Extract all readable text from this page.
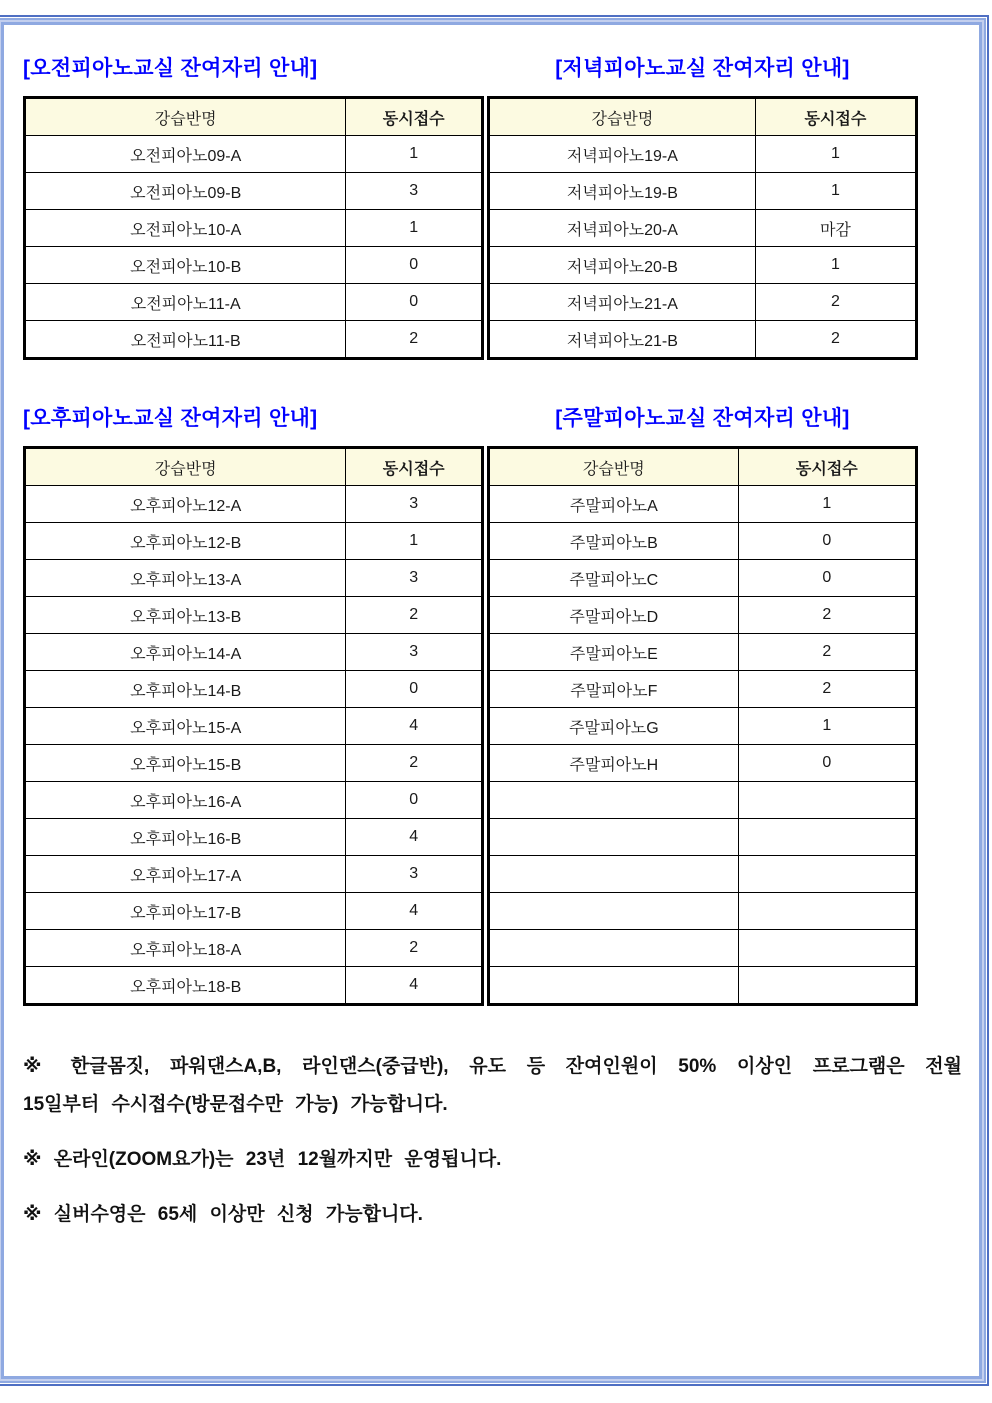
[오전피아노교실 잔여자리 안내]	[저녁피아노교실 잔여자리 안내]
강습반명	동시접수
오전피아노09-A	1
오전피아노09-B	3
오전피아노10-A	1
오전피아노10-B	0
오전피아노11-A	0
오전피아노11-B	2
강습반명	동시접수
저녁피아노19-A	1
저녁피아노19-B	1
저녁피아노20-A	마감
저녁피아노20-B	1
저녁피아노21-A	2
저녁피아노21-B	2
[오후피아노교실 잔여자리 안내]	[주말피아노교실 잔여자리 안내]
강습반명	동시접수
오후피아노12-A	3
오후피아노12-B	1
오후피아노13-A	3
오후피아노13-B	2
오후피아노14-A	3
오후피아노14-B	0
오후피아노15-A	4
오후피아노15-B	2
오후피아노16-A	0
오후피아노16-B	4
오후피아노17-A	3
오후피아노17-B	4
오후피아노18-A	2
오후피아노18-B	4
강습반명	동시접수
주말피아노A	1
주말피아노B	0
주말피아노C	0
주말피아노D	2
주말피아노E	2
주말피아노F	2
주말피아노G	1
주말피아노H	0

※ 한글몸짓, 파워댄스A,B, 라인댄스(중급반), 유도 등 잔여인원이 50% 이상인 프로그램은 전월
15일부터 수시접수(방문접수만 가능) 가능합니다.
※ 온라인(ZOOM요가)는 23년 12월까지만 운영됩니다.
※ 실버수영은 65세 이상만 신청 가능합니다.
